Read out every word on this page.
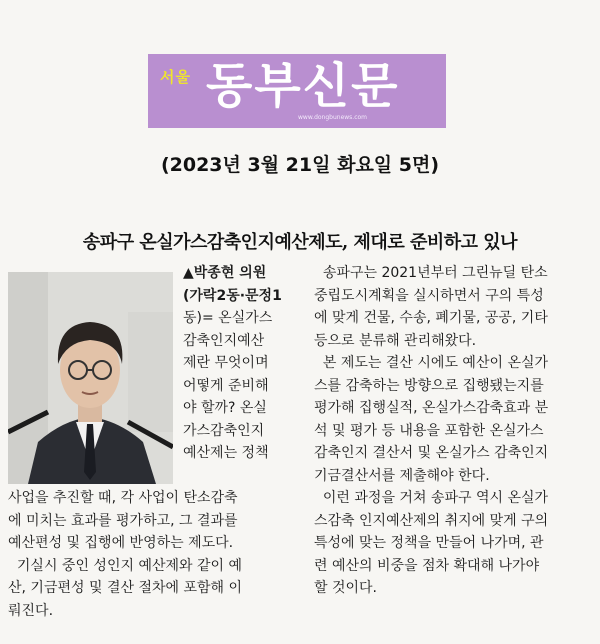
서울 동부신문
www.dongbunews.com
(2023년 3월 21일 화요일 5면)
송파구 온실가스감축인지예산제도, 제대로 준비하고 있나
▲박종현 의원
(가락2동·문정1
동)= 온실가스
감축인지예산
제란 무엇이며
어떻게 준비해
야 할까? 온실
가스감축인지
예산제는 정책
사업을 추진할 때, 각 사업이 탄소감축
에 미치는 효과를 평가하고, 그 결과를
예산편성 및 집행에 반영하는 제도다.
기실시 중인 성인지 예산제와 같이 예
산, 기금편성 및 결산 절차에 포함해 이
뤄진다.
송파구는 2021년부터 그린뉴딜 탄소
중립도시계획을 실시하면서 구의 특성
에 맞게 건물, 수송, 폐기물, 공공, 기타
등으로 분류해 관리해왔다.
본 제도는 결산 시에도 예산이 온실가
스를 감축하는 방향으로 집행됐는지를
평가해 집행실적, 온실가스감축효과 분
석 및 평가 등 내용을 포함한 온실가스
감축인지 결산서 및 온실가스 감축인지
기금결산서를 제출해야 한다.
이런 과정을 거쳐 송파구 역시 온실가
스감축 인지예산제의 취지에 맞게 구의
특성에 맞는 정책을 만들어 나가며, 관
련 예산의 비중을 점차 확대해 나가야
할 것이다.
